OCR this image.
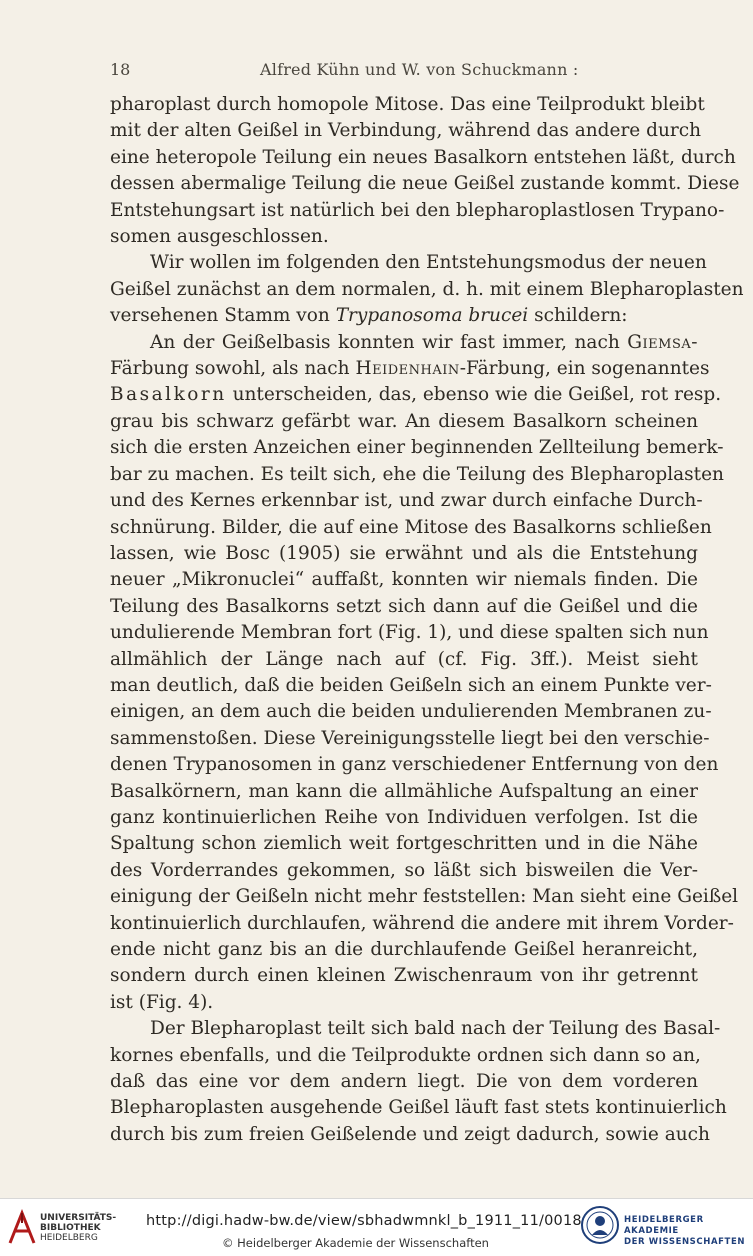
18	Alfred Kühn und W. von Schuckmann :
pharoplast durch homopole Mitose. Das eine Teilprodukt bleibt
mit der alten Geißel in Verbindung, während das andere durch
eine heteropole Teilung ein neues Basalkorn entstehen läßt, durch
dessen abermalige Teilung die neue Geißel zustande kommt. Diese
Entstehungsart ist natürlich bei den blepharoplastlosen Trypano-
somen ausgeschlossen.
Wir wollen im folgenden den Entstehungsmodus der neuen
Geißel zunächst an dem normalen, d. h. mit einem Blepharoplasten
versehenen Stamm von Trypanosoma brucei schildern:
An der Geißelbasis konnten wir fast immer, nach Giemsa-
Färbung sowohl, als nach Heidenhain-Färbung, ein sogenanntes
Basalkorn unterscheiden, das, ebenso wie die Geißel, rot resp.
grau bis schwarz gefärbt war. An diesem Basalkorn scheinen
sich die ersten Anzeichen einer beginnenden Zellteilung bemerk-
bar zu machen. Es teilt sich, ehe die Teilung des Blepharoplasten
und des Kernes erkennbar ist, und zwar durch einfache Durch-
schnürung. Bilder, die auf eine Mitose des Basalkorns schließen
lassen, wie Bosc (1905) sie erwähnt und als die Entstehung
neuer „Mikronuclei“ auffaßt, konnten wir niemals finden. Die
Teilung des Basalkorns setzt sich dann auf die Geißel und die
undulierende Membran fort (Fig. 1), und diese spalten sich nun
allmählich der Länge nach auf (cf. Fig. 3ff.). Meist sieht
man deutlich, daß die beiden Geißeln sich an einem Punkte ver-
einigen, an dem auch die beiden undulierenden Membranen zu-
sammenstoßen. Diese Vereinigungsstelle liegt bei den verschie-
denen Trypanosomen in ganz verschiedener Entfernung von den
Basalkörnern, man kann die allmähliche Aufspaltung an einer
ganz kontinuierlichen Reihe von Individuen verfolgen. Ist die
Spaltung schon ziemlich weit fortgeschritten und in die Nähe
des Vorderrandes gekommen, so läßt sich bisweilen die Ver-
einigung der Geißeln nicht mehr feststellen: Man sieht eine Geißel
kontinuierlich durchlaufen, während die andere mit ihrem Vorder-
ende nicht ganz bis an die durchlaufende Geißel heranreicht,
sondern durch einen kleinen Zwischenraum von ihr getrennt
ist (Fig. 4).
Der Blepharoplast teilt sich bald nach der Teilung des Basal-
kornes ebenfalls, und die Teilprodukte ordnen sich dann so an,
daß das eine vor dem andern liegt. Die von dem vorderen
Blepharoplasten ausgehende Geißel läuft fast stets kontinuierlich
durch bis zum freien Geißelende und zeigt dadurch, sowie auch
UNIVERSITÄTS-
BIBLIOTHEK
HEIDELBERG
http://digi.hadw-bw.de/view/sbhadwmnkl_b_1911_11/0018
© Heidelberger Akademie der Wissenschaften
HEIDELBERGER AKADEMIE
DER WISSENSCHAFTEN
